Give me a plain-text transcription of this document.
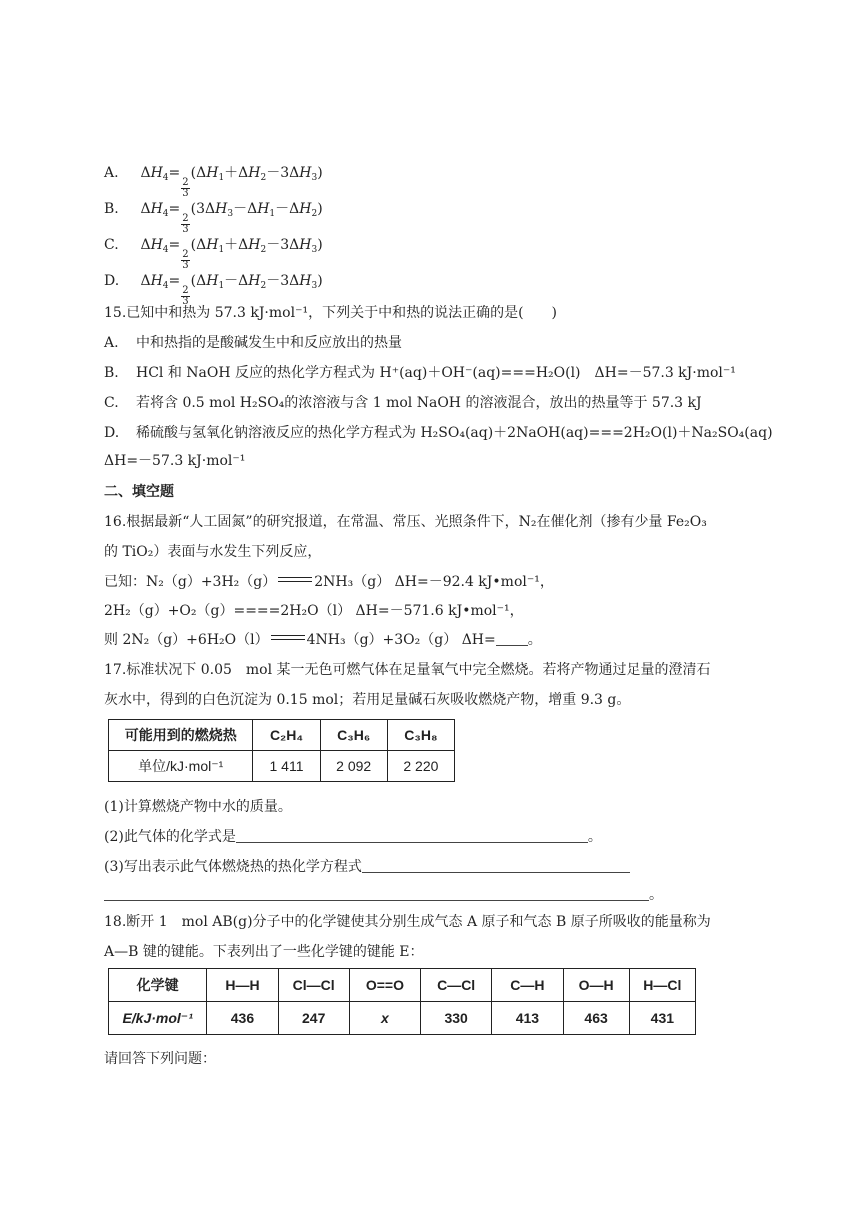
A. $\Delta H_4=$
$\frac{2}{3}$
$(\Delta H_1+\Delta H_2-3\Delta H_3)$
B. $\Delta H_4=$
$\frac{2}{3}$
$(3\Delta H_3-\Delta H_1-\Delta H_2)$
C. $\Delta H_4=$
$\frac{2}{3}$
$(\Delta H_1+\Delta H_2-3\Delta H_3)$
D. $\Delta H_4=$
$\frac{2}{3}$
$(\Delta H_1-\Delta H_2-3\Delta H_3)$
15.已知中和热为 57.3 kJ·mol⁻¹，下列关于中和热的说法正确的是(　　)
A. 中和热指的是酸碱发生中和反应放出的热量
B. HCl 和 NaOH 反应的热化学方程式为 H⁺(aq)＋OH⁻(aq)===H₂O(l)　ΔH=－57.3 kJ·mol⁻¹
C. 若将含 0.5 mol H₂SO₄的浓溶液与含 1 mol NaOH 的溶液混合，放出的热量等于 57.3 kJ
D. 稀硫酸与氢氧化钠溶液反应的热化学方程式为 H₂SO₄(aq)＋2NaOH(aq)===2H₂O(l)＋Na₂SO₄(aq)
ΔH=－57.3 kJ·mol⁻¹
二、填空题
16.根据最新“人工固氮”的研究报道，在常温、常压、光照条件下，N₂在催化剂（掺有少量 Fe₂O₃
的 TiO₂）表面与水发生下列反应，
已知：N₂（g）+3H₂（g）	2NH₃（g） ΔH=－92.4 kJ•mol⁻¹，
2H₂（g）+O₂（g）====2H₂O（l） ΔH=－571.6 kJ•mol⁻¹，
则 2N₂（g）+6H₂O（l）	4NH₃（g）+3O₂（g） ΔH= 。
17.标准状况下 0.05　mol 某一无色可燃气体在足量氧气中完全燃烧。若将产物通过足量的澄清石
灰水中，得到的白色沉淀为 0.15 mol；若用足量碱石灰吸收燃烧产物，增重 9.3 g。
可能用到的燃烧热	C₂H₄	C₃H₆	C₃H₈
单位/kJ·mol⁻¹	1 411	2 092	2 220
(1)计算燃烧产物中水的质量。
(2)此气体的化学式是	。
(3)写出表示此气体燃烧热的热化学方程式
。
18.断开 1　mol AB(g)分子中的化学键使其分别生成气态 A 原子和气态 B 原子所吸收的能量称为
A—B 键的键能。下表列出了一些化学键的键能 E：
化学键	H—H	Cl—Cl	O==O	C—Cl	C—H	O—H	H—Cl
E/kJ·mol⁻¹	436	247	x	330	413	463	431
请回答下列问题：
